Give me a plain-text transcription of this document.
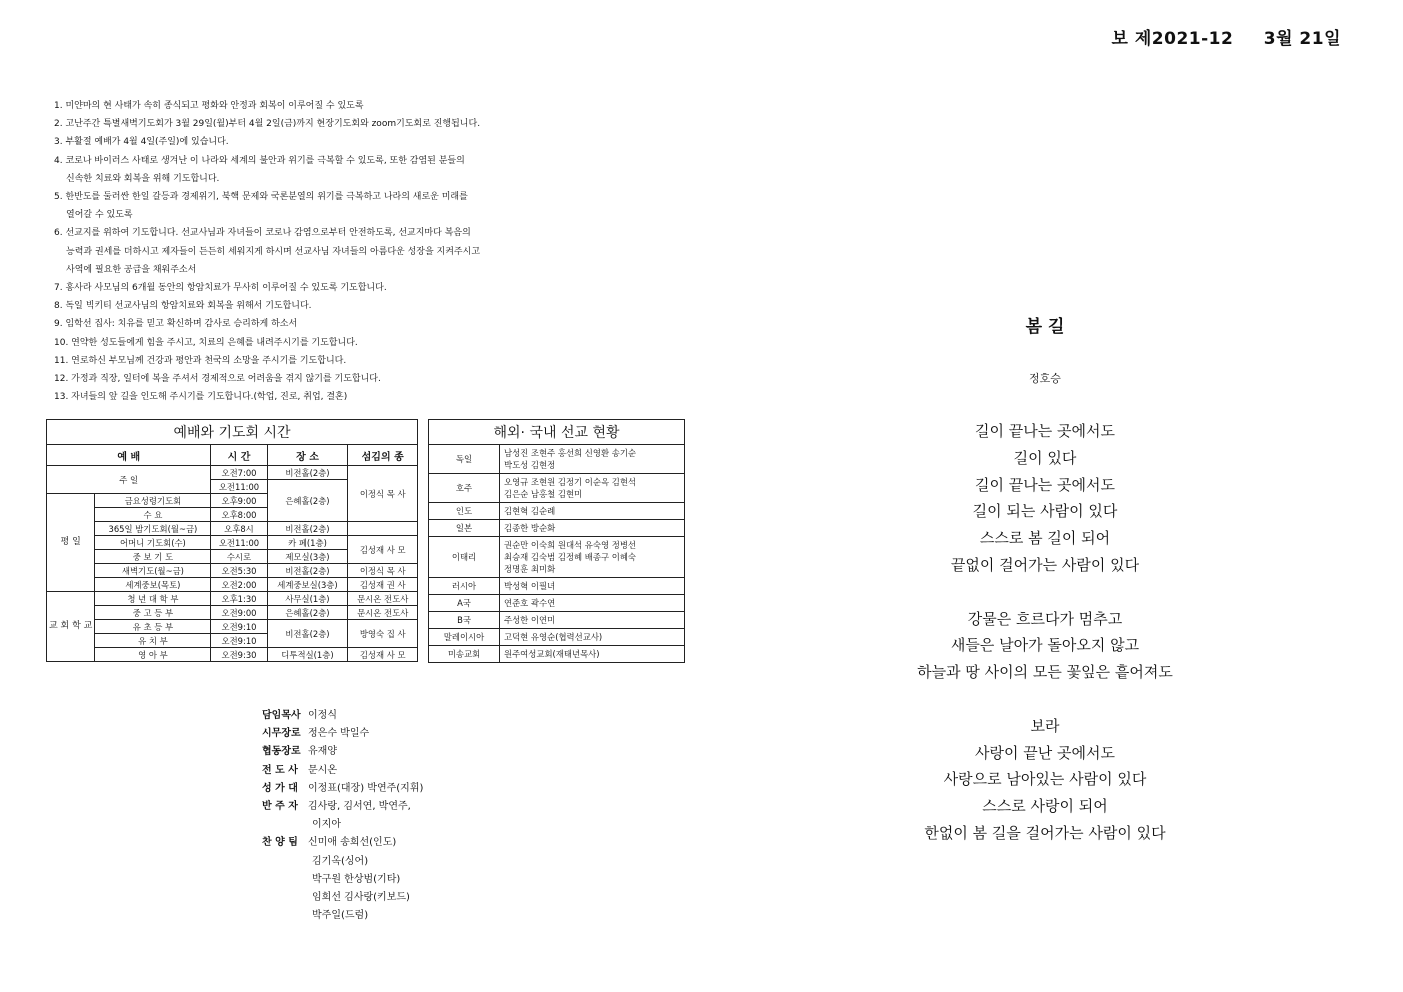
보 제2021-12 3월 21일
1. 미얀마의 현 사태가 속히 종식되고 평화와 안정과 회복이 이루어질 수 있도록
2. 고난주간 특별새벽기도회가 3월 29일(월)부터 4월 2일(금)까지 현장기도회와 zoom기도회로 진행됩니다.
3. 부활절 예배가 4월 4일(주일)에 있습니다.
4. 코로나 바이러스 사태로 생겨난 이 나라와 세계의 불안과 위기를 극복할 수 있도록, 또한 감염된 분들의
신속한 치료와 회복을 위해 기도합니다.
5. 한반도를 둘러싼 한일 갈등과 경제위기, 북핵 문제와 국론분열의 위기를 극복하고 나라의 새로운 미래를
열어갈 수 있도록
6. 선교지를 위하여 기도합니다. 선교사님과 자녀들이 코로나 감염으로부터 안전하도록, 선교지마다 복음의
능력과 권세를 더하시고 제자들이 든든히 세워지게 하시며 선교사님 자녀들의 아름다운 성장을 지켜주시고
사역에 필요한 공급을 채워주소서
7. 홍사라 사모님의 6개월 동안의 항암치료가 무사히 이루어질 수 있도록 기도합니다.
8. 독일 빅키티 선교사님의 항암치료와 회복을 위해서 기도합니다.
9. 임학선 집사: 치유를 믿고 확신하며 감사로 승리하게 하소서
10. 연약한 성도들에게 힘을 주시고, 치료의 은혜를 내려주시기를 기도합니다.
11. 연로하신 부모님께 건강과 평안과 천국의 소망을 주시기를 기도합니다.
12. 가정과 직장, 일터에 복을 주셔서 경제적으로 어려움을 겪지 않기를 기도합니다.
13. 자녀들의 앞 길을 인도해 주시기를 기도합니다.(학업, 진로, 취업, 결혼)
예배와 기도회 시간				
예 배		시 간	장 소	섬김의 종
주 일		오전7:00	비전홀(2층)	이정식 목 사
		오전11:00	은혜홀(2층)	
평 일	금요성령기도회	오후9:00		
	수 요	오후8:00		
	365일 밤기도회(월~금)	오후8시	비전홀(2층)	
	어머니 기도회(수)	오전11:00	카 페(1층)	김성재 사 모
	중 보 기 도	수시로	제모실(3층)	
	새벽기도(월~금)	오전5:30	비전홀(2층)	이정식 목 사
	세계중보(목토)	오전2:00	세계중보실(3층)	김성재 권 사
교 회 학 교	청 년 대 학 부	오후1:30	사무실(1층)	문시온 전도사
	중 고 등 부	오전9:00	은혜홀(2층)	문시온 전도사
	유 초 등 부	오전9:10	비전홀(2층)	방영숙 집 사
	유 치 부	오전9:10		
	영 아 부	오전9:30	디투적실(1층)	김성재 사 모
해외· 국내 선교 현황	
독일	남성진 조현주 홍선희 신영환 송기순
박도성 김현정

호주	오영규 조현원 김정기 이순옥 김현석
김은순 남홍철 김현미

인도	김현혁 김순례

일본	김종한 방순화

이태리	권순만 이숙희 원대석 유숙영 정병선
최승재 김숙범 김정혜 배종구 이혜숙
정명훈 최미화

러시아	박성혁 이필녀

A국	연준호 곽수연

B국	주성한 이연미

말레이시아	고덕현 유영순(협력선교사)

미송교회	원주여성교회(재태년목사)
담임목사 이정식
시무장로 정은수 박일수
협동장로 유재양
전 도 사	문시온
성 가 대	이정표(대장) 박연주(지휘)
반 주 자	김사랑, 김서연, 박연주,
이지아
찬 양 팀	신미애 송희선(인도)
김기옥(싱어)
박구원 한상범(기타)
임희선 김사랑(키보드)
박주일(드럼)
봄 길
정호승
길이 끝나는 곳에서도
길이 있다
길이 끝나는 곳에서도
길이 되는 사람이 있다
스스로 봄 길이 되어
끝없이 걸어가는 사람이 있다
강물은 흐르다가 멈추고
새들은 날아가 돌아오지 않고
하늘과 땅 사이의 모든 꽃잎은 흩어져도
보라
사랑이 끝난 곳에서도
사랑으로 남아있는 사람이 있다
스스로 사랑이 되어
한없이 봄 길을 걸어가는 사람이 있다
